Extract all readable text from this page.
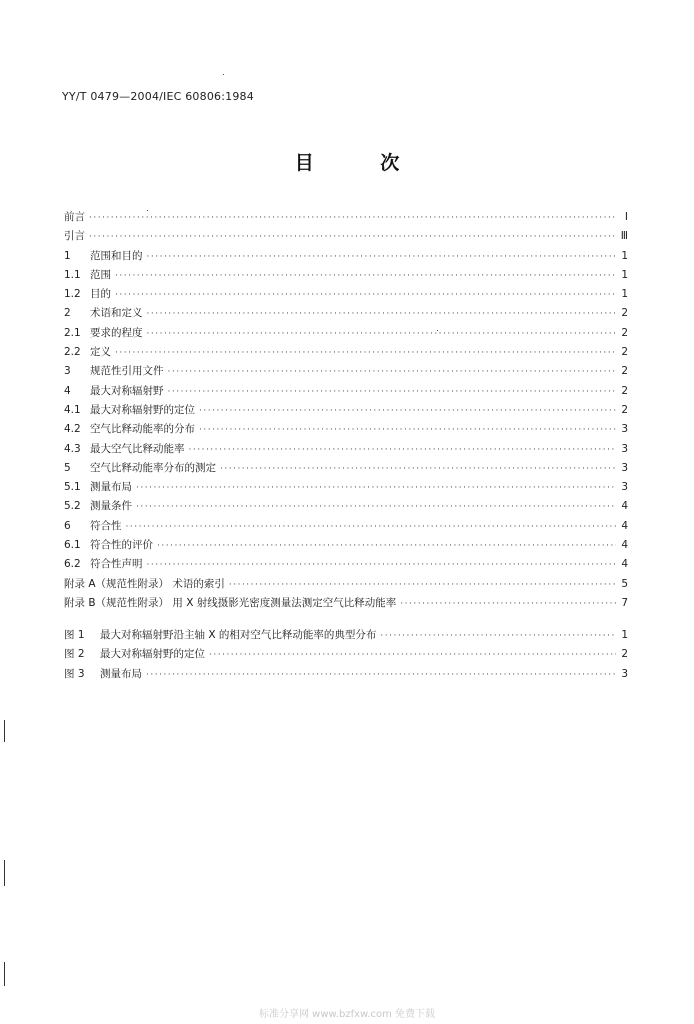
YY/T 0479—2004/IEC 60806:1984
目 次
前言 ·····	I
引言 ·····	Ⅲ
1	范围和目的 ·····	1
1.1 范围 ·····	1
1.2 目的 ·····	1
2	术语和定义 ·····	2
2.1 要求的程度 ·····	2
2.2 定义 ·····	2
3	规范性引用文件 ·····	2
4	最大对称辐射野 ·····	2
4.1 最大对称辐射野的定位 ·····	2
4.2 空气比释动能率的分布 ·····	3
4.3 最大空气比释动能率 ·····	3
5	空气比释动能率分布的测定 ·····	3
5.1 测量布局 ·····	3
5.2 测量条件 ·····	4
6	符合性 ·····	4
6.1 符合性的评价 ·····	4
6.2 符合性声明 ·····	4
附录 A（规范性附录） 术语的索引 ·····	5
附录 B（规范性附录） 用 X 射线摄影光密度测量法测定空气比释动能率 ·····	7
图 1	最大对称辐射野沿主轴 X 的相对空气比释动能率的典型分布 ·····	1
图 2	最大对称辐射野的定位 ·····	2
图 3	测量布局 ·····	3
标准分享网 www.bzfxw.com 免费下载
